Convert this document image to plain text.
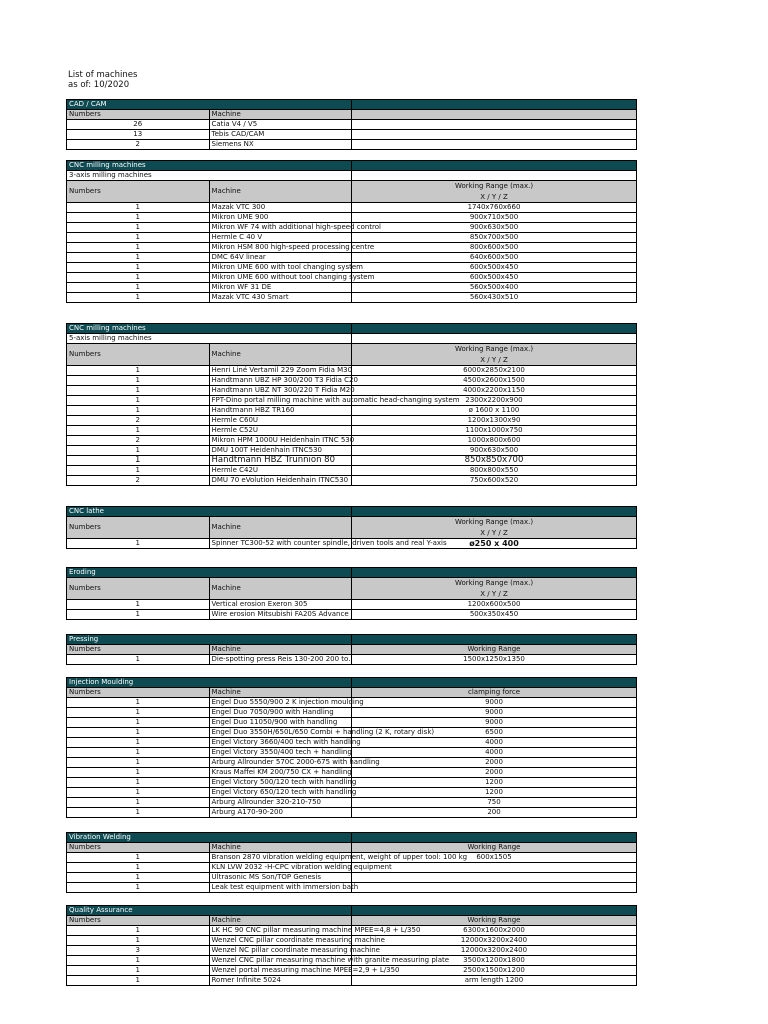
List of machines
as of: 10/2020
CAD / CAM		
Numbers	Machine	
26	Catia V4 / V5	
13	Tebis CAD/CAM	
2	Siemens NX	
CNC milling machines		
3-axis milling machines		
Numbers	Machine	Working Range (max.)
X / Y / Z

1	Mazak VTC 300	1740x760x660
1	Mikron UME 900	900x710x500
1	Mikron WF 74 with additional high-speed control	900x630x500
1	Hermle C 40 V	850x700x500
1	Mikron HSM 800 high-speed processing centre	800x600x500
1	DMC 64V linear	640x600x500
1	Mikron UME 600 with tool changing system	600x500x450
1	Mikron UME 600 without tool changing system	600x500x450
1	Mikron WF 31 DE	560x500x400
1	Mazak VTC 430 Smart	560x430x510
CNC milling machines		
5-axis milling machines		
Numbers	Machine	Working Range (max.)
X / Y / Z

1	Henri Liné Vertamil 229 Zoom Fidia M30	6000x2850x2100
1	Handtmann UBZ HP 300/200 T3 Fidia C20	4500x2600x1500
1	Handtmann UBZ NT 300/220 T Fidia M20	4000x2200x1150
1	FPT-Dino portal milling machine with automatic head-changing system	2300x2200x900
1	Handtmann HBZ TR160	ø 1600 x 1100
2	Hermle C60U	1200x1300x90
1	Hermle C52U	1100x1000x750
2	Mikron HPM 1000U Heidenhain ITNC 530	1000x800x600
1	DMU 100T Heidenhain ITNC530	900x630x500
1	Handtmann HBZ Trunnion 80	850x850x700
1	Hermle C42U	800x800x550
2	DMU 70 eVolution Heidenhain ITNC530	750x600x520
CNC lathe		
Numbers	Machine	Working Range (max.)
X / Y / Z

1	Spinner TC300-52 with counter spindle, driven tools and real Y-axis	ø250 x 400
Eroding		
Numbers	Machine	Working Range (max.)
X / Y / Z

1	Vertical erosion Exeron 305	1200x600x500
1	Wire erosion Mitsubishi FA20S Advance	500x350x450
Pressing		
Numbers	Machine	Working Range
1	Die-spotting press Reis 130-200 200 to.	1500x1250x1350
Injection Moulding		
Numbers	Machine	clamping force
1	Engel Duo 5550/900 2 K injection moulding	9000
1	Engel Duo 7050/900 with Handling	9000
1	Engel Duo 11050/900 with handling	9000
1	Engel Duo 3550H/650L/650 Combi + handling (2 K, rotary disk)	6500
1	Engel Victory 3660/400 tech with handling	4000
1	Engel Victory 3550/400 tech + handling	4000
1	Arburg Allrounder 570C 2000-675 with handling	2000
1	Kraus Maffei KM 200/750 CX + handling	2000
1	Engel Victory 500/120 tech with handling	1200
1	Engel Victory 650/120 tech with handling	1200
1	Arburg Allrounder 320-210-750	750
1	Arburg A170-90-200	200
Vibration Welding		
Numbers	Machine	Working Range
1	Branson 2870 vibration welding equipment, weight of upper tool: 100 kg	600x1505
1	KLN LVW 2032 -H-CPC vibration welding equipment	
1	Ultrasonic MS Son/TOP Genesis	
1	Leak test equipment with immersion bath	
Quality Assurance		
Numbers	Machine	Working Range
1	LK HC 90 CNC pillar measuring machine MPEE=4,8 + L/350	6300x1600x2000
1	Wenzel CNC pillar coordinate measuring machine	12000x3200x2400
3	Wenzel NC pillar coordinate measuring machine	12000x3200x2400
1	Wenzel CNC pillar measuring machine with granite measuring plate	3500x1200x1800
1	Wenzel portal measuring machine MPEE=2,9 + L/350	2500x1500x1200
1	Romer Infinite 5024	arm length 1200
